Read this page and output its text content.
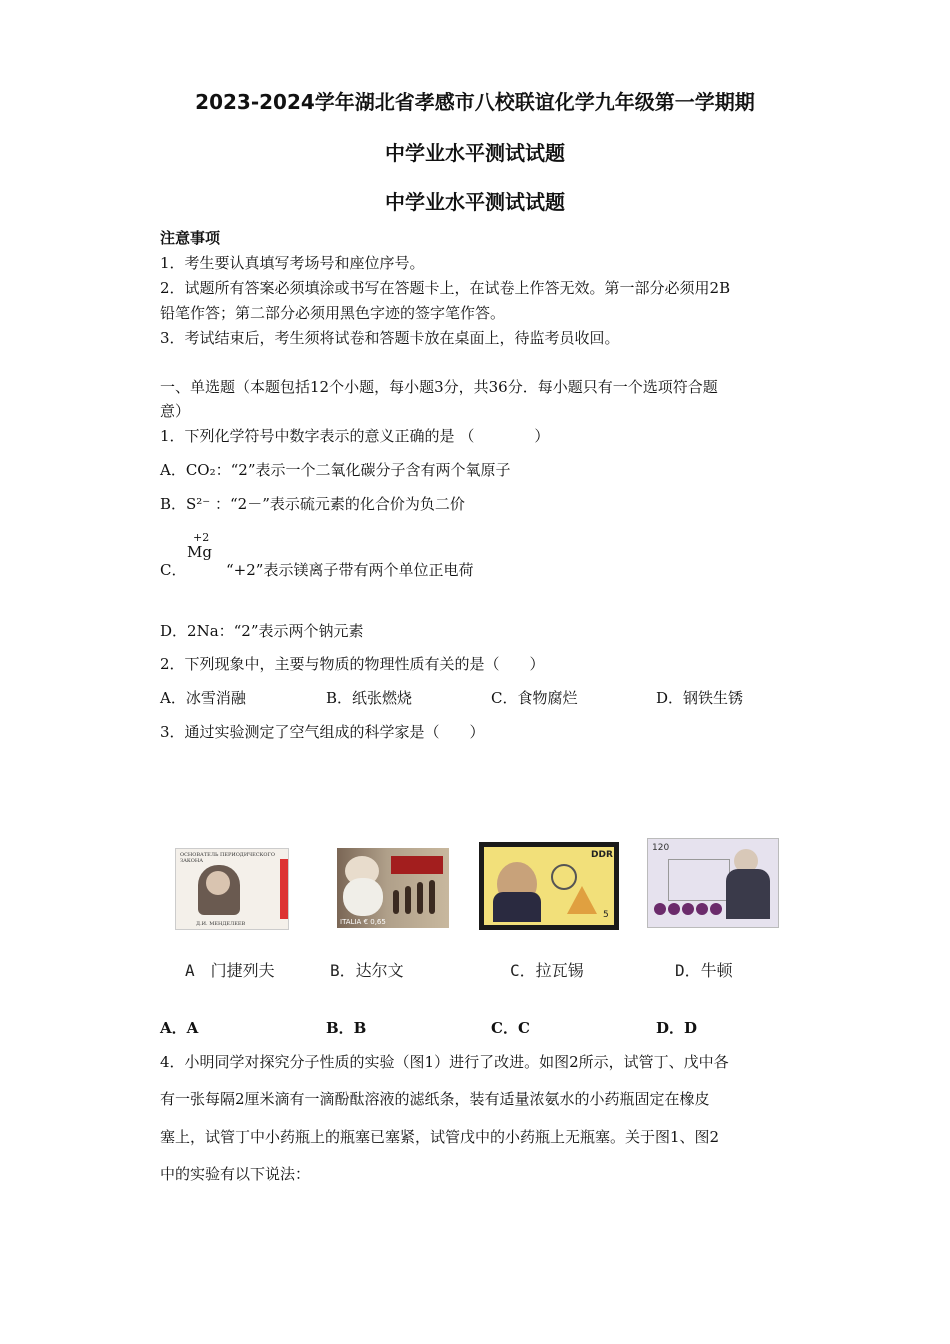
2023-2024学年湖北省孝感市八校联谊化学九年级第一学期期
中学业水平测试试题
中学业水平测试试题
注意事项
1．考生要认真填写考场号和座位序号。
2．试题所有答案必须填涂或书写在答题卡上，在试卷上作答无效。第一部分必须用2B
铅笔作答；第二部分必须用黑色字迹的签字笔作答。
3．考试结束后，考生须将试卷和答题卡放在桌面上，待监考员收回。
一、单选题（本题包括12个小题，每小题3分，共36分．每小题只有一个选项符合题
意）
1．下列化学符号中数字表示的意义正确的是 （　　　　）
A．CO₂：“2”表示一个二氧化碳分子含有两个氧原子
B．S²⁻ ：“2－”表示硫元素的化合价为负二价
C．
+2
Mg
“+2”表示镁离子带有两个单位正电荷
D．2Na：“2”表示两个钠元素
2．下列现象中，主要与物质的物理性质有关的是（　　）
A．冰雪消融	B．纸张燃烧	C．食物腐烂	D．钢铁生锈
3．通过实验测定了空气组成的科学家是（　　）
ОСНОВАТЕЛЬ ПЕРИОДИЧЕСКОГО ЗАКОНА
Д.И. МЕНДЕЛЕЕВ
A　门捷列夫
ITALIA € 0,65
B．达尔文
DDR
5
C．拉瓦锡
120
D．牛顿
A．A	B．B	C．C	D．D
4．小明同学对探究分子性质的实验（图1）进行了改进。如图2所示，试管丁、戊中各
有一张每隔2厘米滴有一滴酚酞溶液的滤纸条，装有适量浓氨水的小药瓶固定在橡皮
塞上，试管丁中小药瓶上的瓶塞已塞紧，试管戊中的小药瓶上无瓶塞。关于图1、图2
中的实验有以下说法：
